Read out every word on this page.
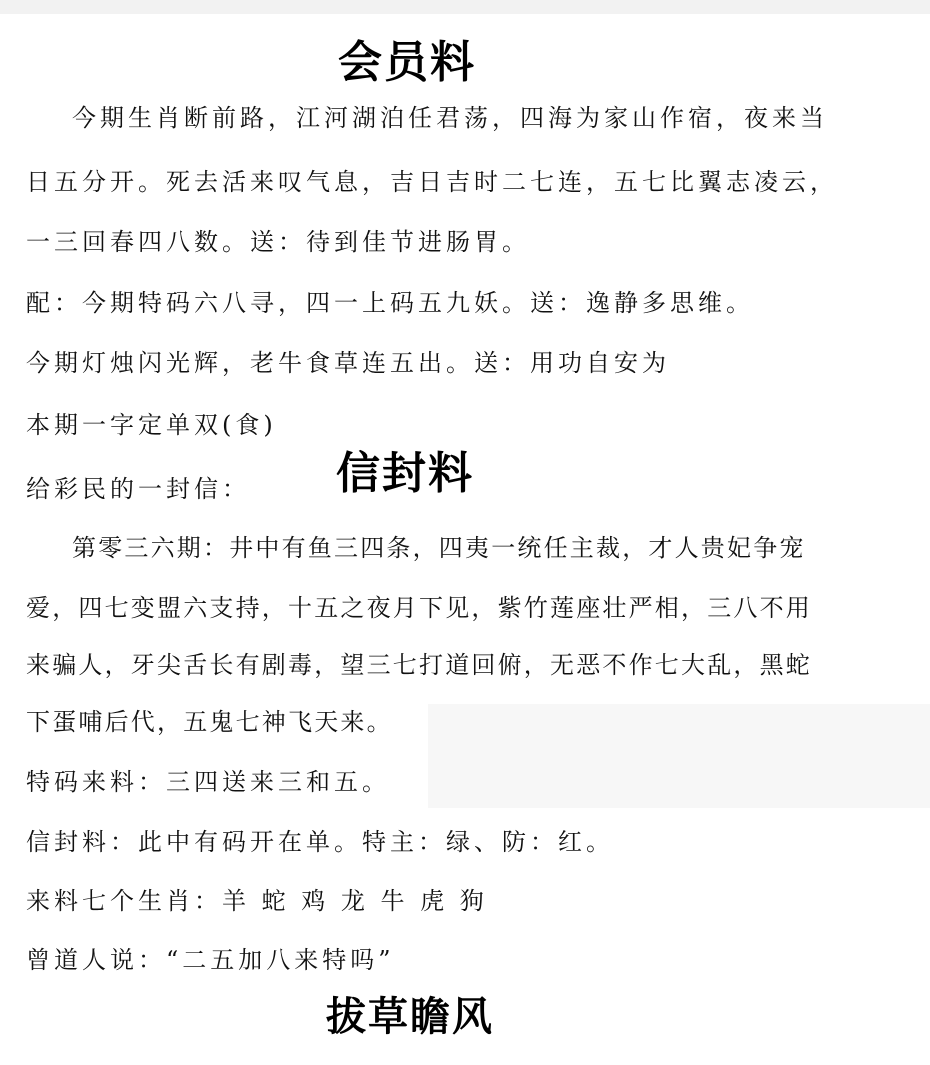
会员料
今期生肖断前路，江河湖泊任君荡，四海为家山作宿，夜来当
日五分开。死去活来叹气息，吉日吉时二七连，五七比翼志凌云，
一三回春四八数。送：待到佳节进肠胃。
配：今期特码六八寻，四一上码五九妖。送：逸静多思维。
今期灯烛闪光辉，老牛食草连五出。送：用功自安为
本期一字定单双(食)
给彩民的一封信： 信封料
第零三六期：井中有鱼三四条，四夷一统任主裁，才人贵妃争宠
爱，四七变盟六支持，十五之夜月下见，紫竹莲座壮严相，三八不用
来骗人，牙尖舌长有剧毒，望三七打道回俯，无恶不作七大乱，黑蛇
下蛋哺后代，五鬼七神飞天来。
特码来料：三四送来三和五。
信封料：此中有码开在单。特主：绿、防：红。
来料七个生肖：羊 蛇 鸡 龙 牛 虎 狗
曾道人说：“二五加八来特吗”
拔草瞻风
